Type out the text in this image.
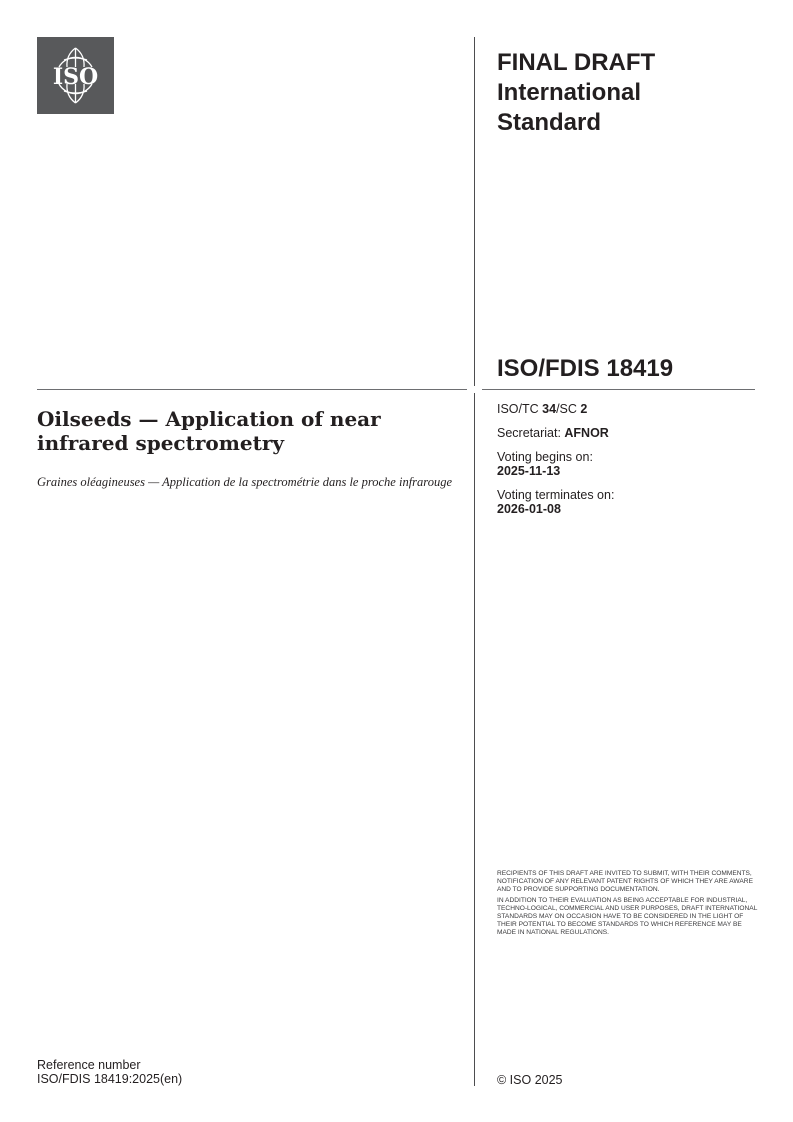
ISO
FINAL DRAFT
International
Standard
ISO/FDIS 18419
Oilseeds — Application of near infrared spectrometry
Graines oléagineuses — Application de la spectrométrie dans le proche infrarouge
ISO/TC 34/SC 2
Secretariat: AFNOR
Voting begins on:
2025-11-13
Voting terminates on:
2026-01-08

RECIPIENTS OF THIS DRAFT ARE INVITED TO SUBMIT, WITH THEIR COMMENTS, NOTIFICATION OF ANY RELEVANT PATENT RIGHTS OF WHICH THEY ARE AWARE AND TO PROVIDE SUPPORTING DOCUMENTATION.

IN ADDITION TO THEIR EVALUATION AS BEING ACCEPTABLE FOR INDUSTRIAL, TECHNO-LOGICAL, COMMERCIAL AND USER PURPOSES, DRAFT INTERNATIONAL STANDARDS MAY ON OCCASION HAVE TO BE CONSIDERED IN THE LIGHT OF THEIR POTENTIAL TO BECOME STANDARDS TO WHICH REFERENCE MAY BE MADE IN NATIONAL REGULATIONS.

Reference number
ISO/FDIS 18419:2025(en)	© ISO 2025
